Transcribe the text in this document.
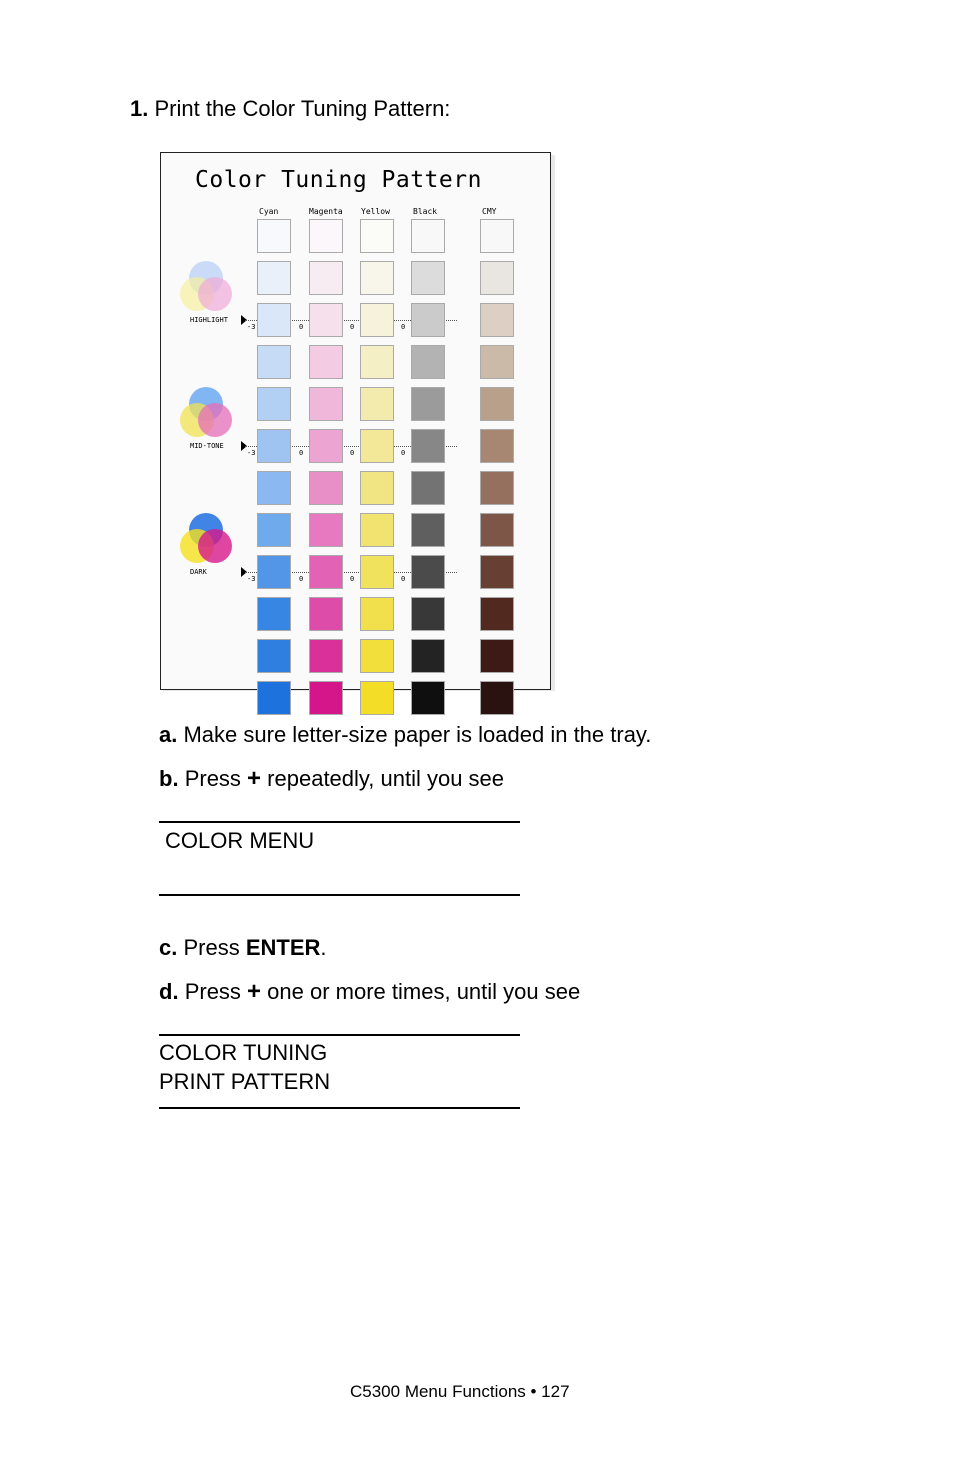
1. Print the Color Tuning Pattern:
Color Tuning Pattern
Cyan	Magenta Yellow	Black	CMY
HIGHLIGHT
MID-TONE
DARK
-3	0	0	0
-3	0	0	0
-3	0	0	0
a. Make sure letter-size paper is loaded in the tray.
b. Press + repeatedly, until you see
COLOR MENU
c. Press ENTER.
d. Press + one or more times, until you see
COLOR TUNING
PRINT PATTERN
C5300 Menu Functions • 127
